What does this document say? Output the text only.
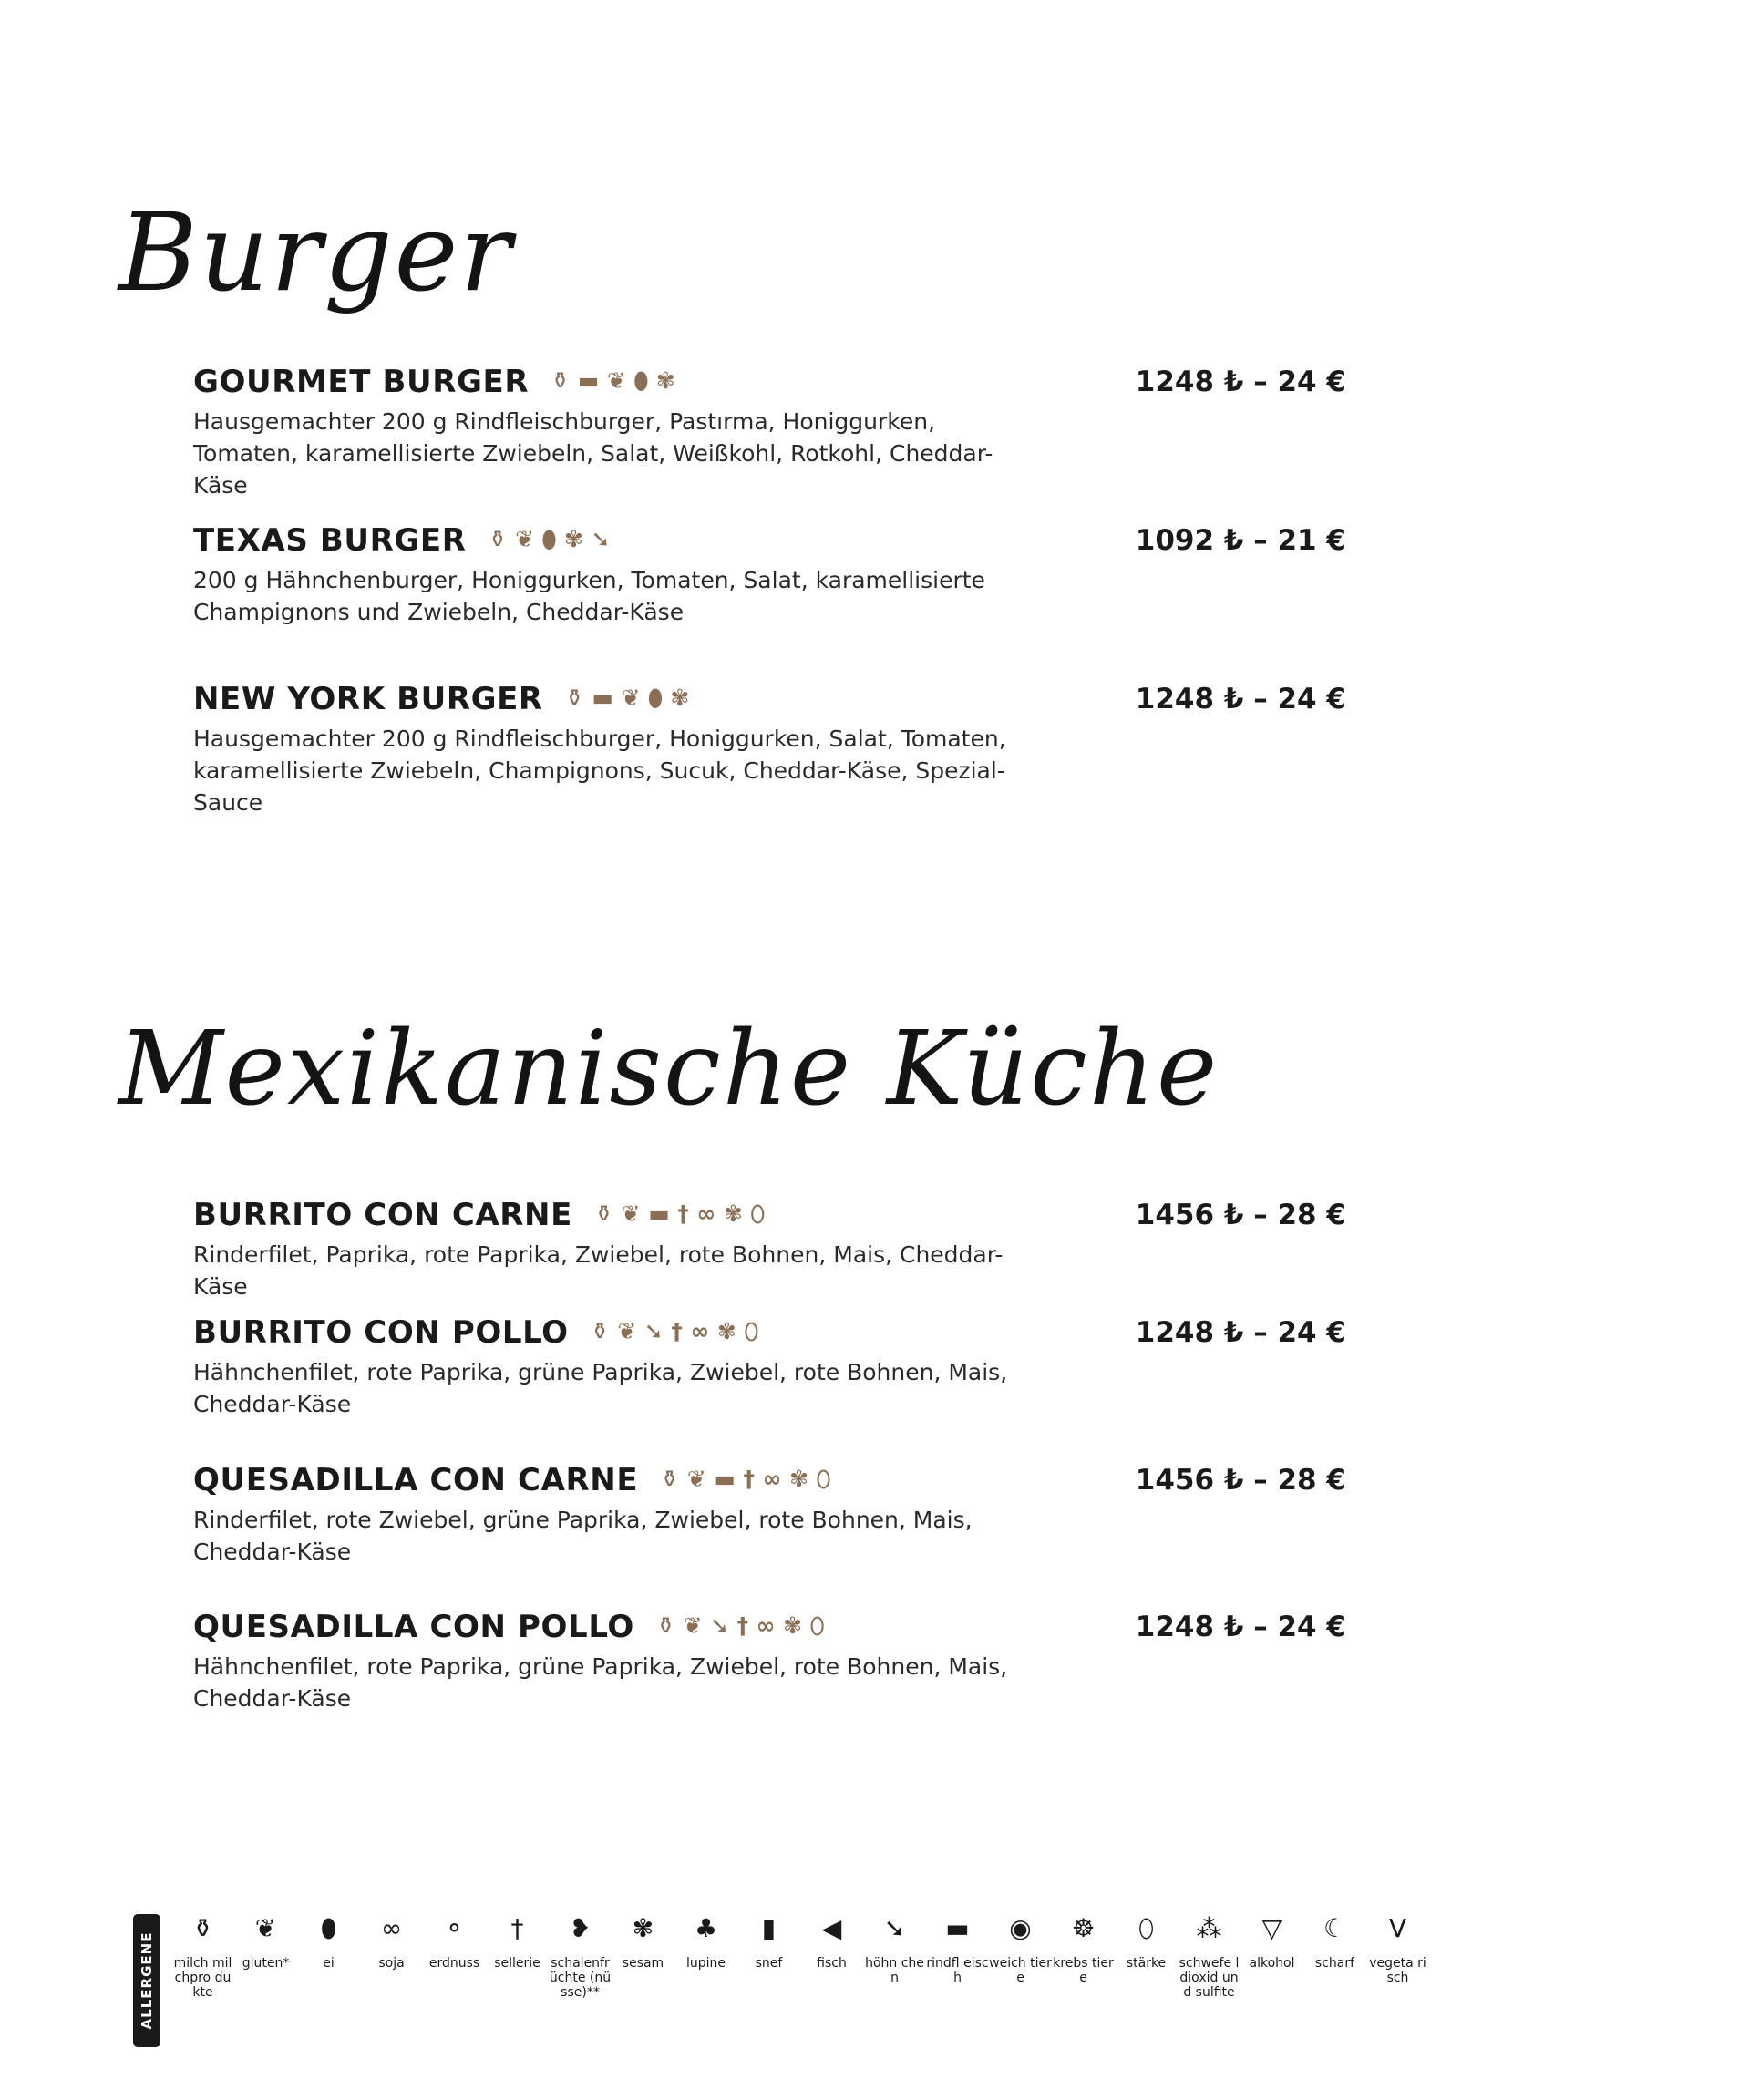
Burger
GOURMET BURGER ⚱ ▬ ❦ ⬮ ✾	1248 ₺ – 24 €

Hausgemachter 200 g Rindfleischburger, Pastırma, Honiggurken, Tomaten, karamellisierte Zwiebeln, Salat, Weißkohl, Rotkohl, Cheddar-Käse

TEXAS BURGER ⚱ ❦ ⬮ ✾ ➘	1092 ₺ – 21 €

200 g Hähnchenburger, Honiggurken, Tomaten, Salat, karamellisierte Champignons und Zwiebeln, Cheddar-Käse

NEW YORK BURGER ⚱ ▬ ❦ ⬮ ✾	1248 ₺ – 24 €

Hausgemachter 200 g Rindfleischburger, Honiggurken, Salat, Tomaten, karamellisierte Zwiebeln, Champignons, Sucuk, Cheddar-Käse, Spezial-Sauce

Mexikanische Küche
BURRITO CON CARNE ⚱ ❦ ▬ † ∞ ✾ ⬯	1456 ₺ – 28 €

Rinderfilet, Paprika, rote Paprika, Zwiebel, rote Bohnen, Mais, Cheddar-Käse

BURRITO CON POLLO ⚱ ❦ ➘ † ∞ ✾ ⬯	1248 ₺ – 24 €

Hähnchenfilet, rote Paprika, grüne Paprika, Zwiebel, rote Bohnen, Mais, Cheddar-Käse

QUESADILLA CON CARNE ⚱ ❦ ▬ † ∞ ✾ ⬯	1456 ₺ – 28 €

Rinderfilet, rote Zwiebel, grüne Paprika, Zwiebel, rote Bohnen, Mais, Cheddar-Käse

QUESADILLA CON POLLO ⚱ ❦ ➘ † ∞ ✾ ⬯	1248 ₺ – 24 €

Hähnchenfilet, rote Paprika, grüne Paprika, Zwiebel, rote Bohnen, Mais, Cheddar-Käse

ALLERGENE
⚱
milch milchpro dukte
❦
gluten*
⬮
ei
∞
soja
⚬
erdnuss
†
sellerie
❥
schalenfr üchte (nüsse)**
✾
sesam
♣
lupine
▮
snef
◀
fisch
➘
höhn chen
▬
rindfl eisch
◉
weich tiere
☸
krebs tiere
⬯
stärke
⁂
schwefe ldioxid und sulfite
▽
alkohol
☾
scharf
V
vegeta risch
